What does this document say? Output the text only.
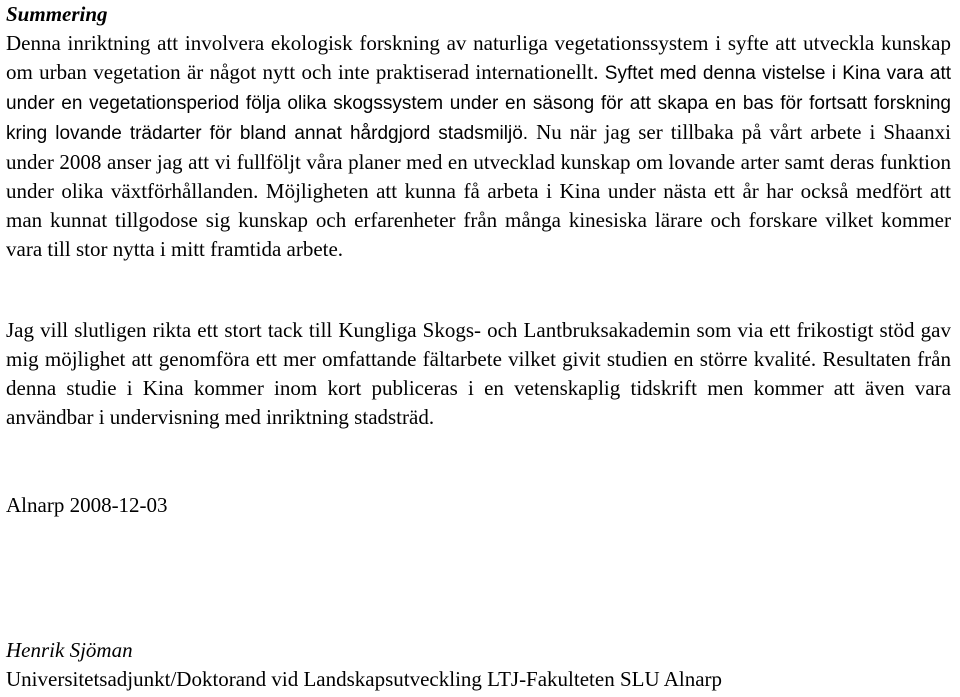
Summering

Denna inriktning att involvera ekologisk forskning av naturliga vegetationssystem i syfte att utveckla kunskap om urban vegetation är något nytt och inte praktiserad internationellt. Syftet med denna vistelse i Kina vara att under en vegetationsperiod följa olika skogssystem under en säsong för att skapa en bas för fortsatt forskning kring lovande trädarter för bland annat hårdgjord stadsmiljö. Nu när jag ser tillbaka på vårt arbete i Shaanxi under 2008 anser jag att vi fullföljt våra planer med en utvecklad kunskap om lovande arter samt deras funktion under olika växtförhållanden. Möjligheten att kunna få arbeta i Kina under nästa ett år har också medfört att man kunnat tillgodose sig kunskap och erfarenheter från många kinesiska lärare och forskare vilket kommer vara till stor nytta i mitt framtida arbete.

Jag vill slutligen rikta ett stort tack till Kungliga Skogs- och Lantbruksakademin som via ett frikostigt stöd gav mig möjlighet att genomföra ett mer omfattande fältarbete vilket givit studien en större kvalité. Resultaten från denna studie i Kina kommer inom kort publiceras i en vetenskaplig tidskrift men kommer att även vara användbar i undervisning med inriktning stadsträd.

Alnarp 2008-12-03

Henrik Sjöman

Universitetsadjunkt/Doktorand vid Landskapsutveckling LTJ-Fakulteten SLU Alnarp
